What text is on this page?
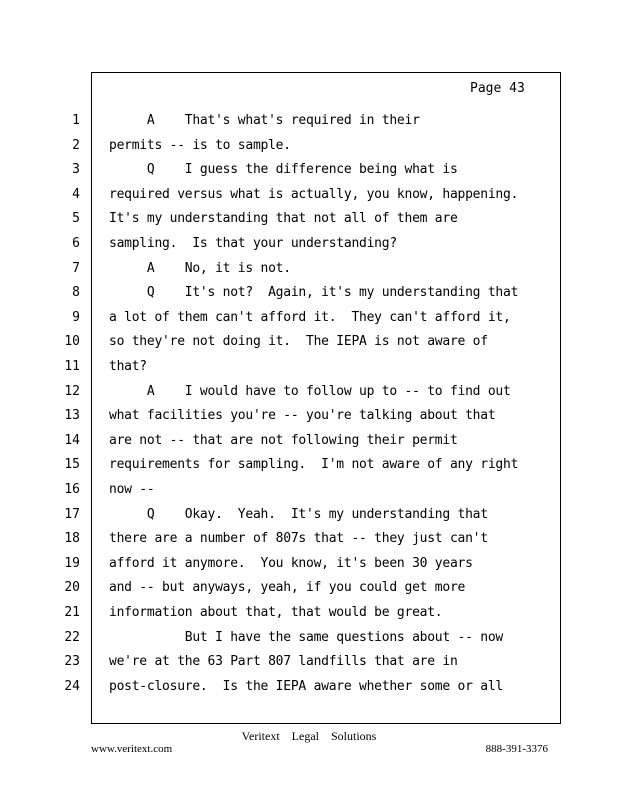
Page 43
1 A    That's what's required in their
2 permits -- is to sample.
3 Q    I guess the difference being what is
4 required versus what is actually, you know, happening.
5 It's my understanding that not all of them are
6 sampling.  Is that your understanding?
7 A    No, it is not.
8 Q    It's not?  Again, it's my understanding that
9 a lot of them can't afford it.  They can't afford it,
10 so they're not doing it.  The IEPA is not aware of
11 that?
12 A    I would have to follow up to -- to find out
13 what facilities you're -- you're talking about that
14 are not -- that are not following their permit
15 requirements for sampling.  I'm not aware of any right
16 now --
17 Q    Okay.  Yeah.  It's my understanding that
18 there are a number of 807s that -- they just can't
19 afford it anymore.  You know, it's been 30 years
20 and -- but anyways, yeah, if you could get more
21 information about that, that would be great.
22 But I have the same questions about -- now
23 we're at the 63 Part 807 landfills that are in
24 post-closure.  Is the IEPA aware whether some or all
Veritext    Legal    Solutions
www.veritext.com	888-391-3376
